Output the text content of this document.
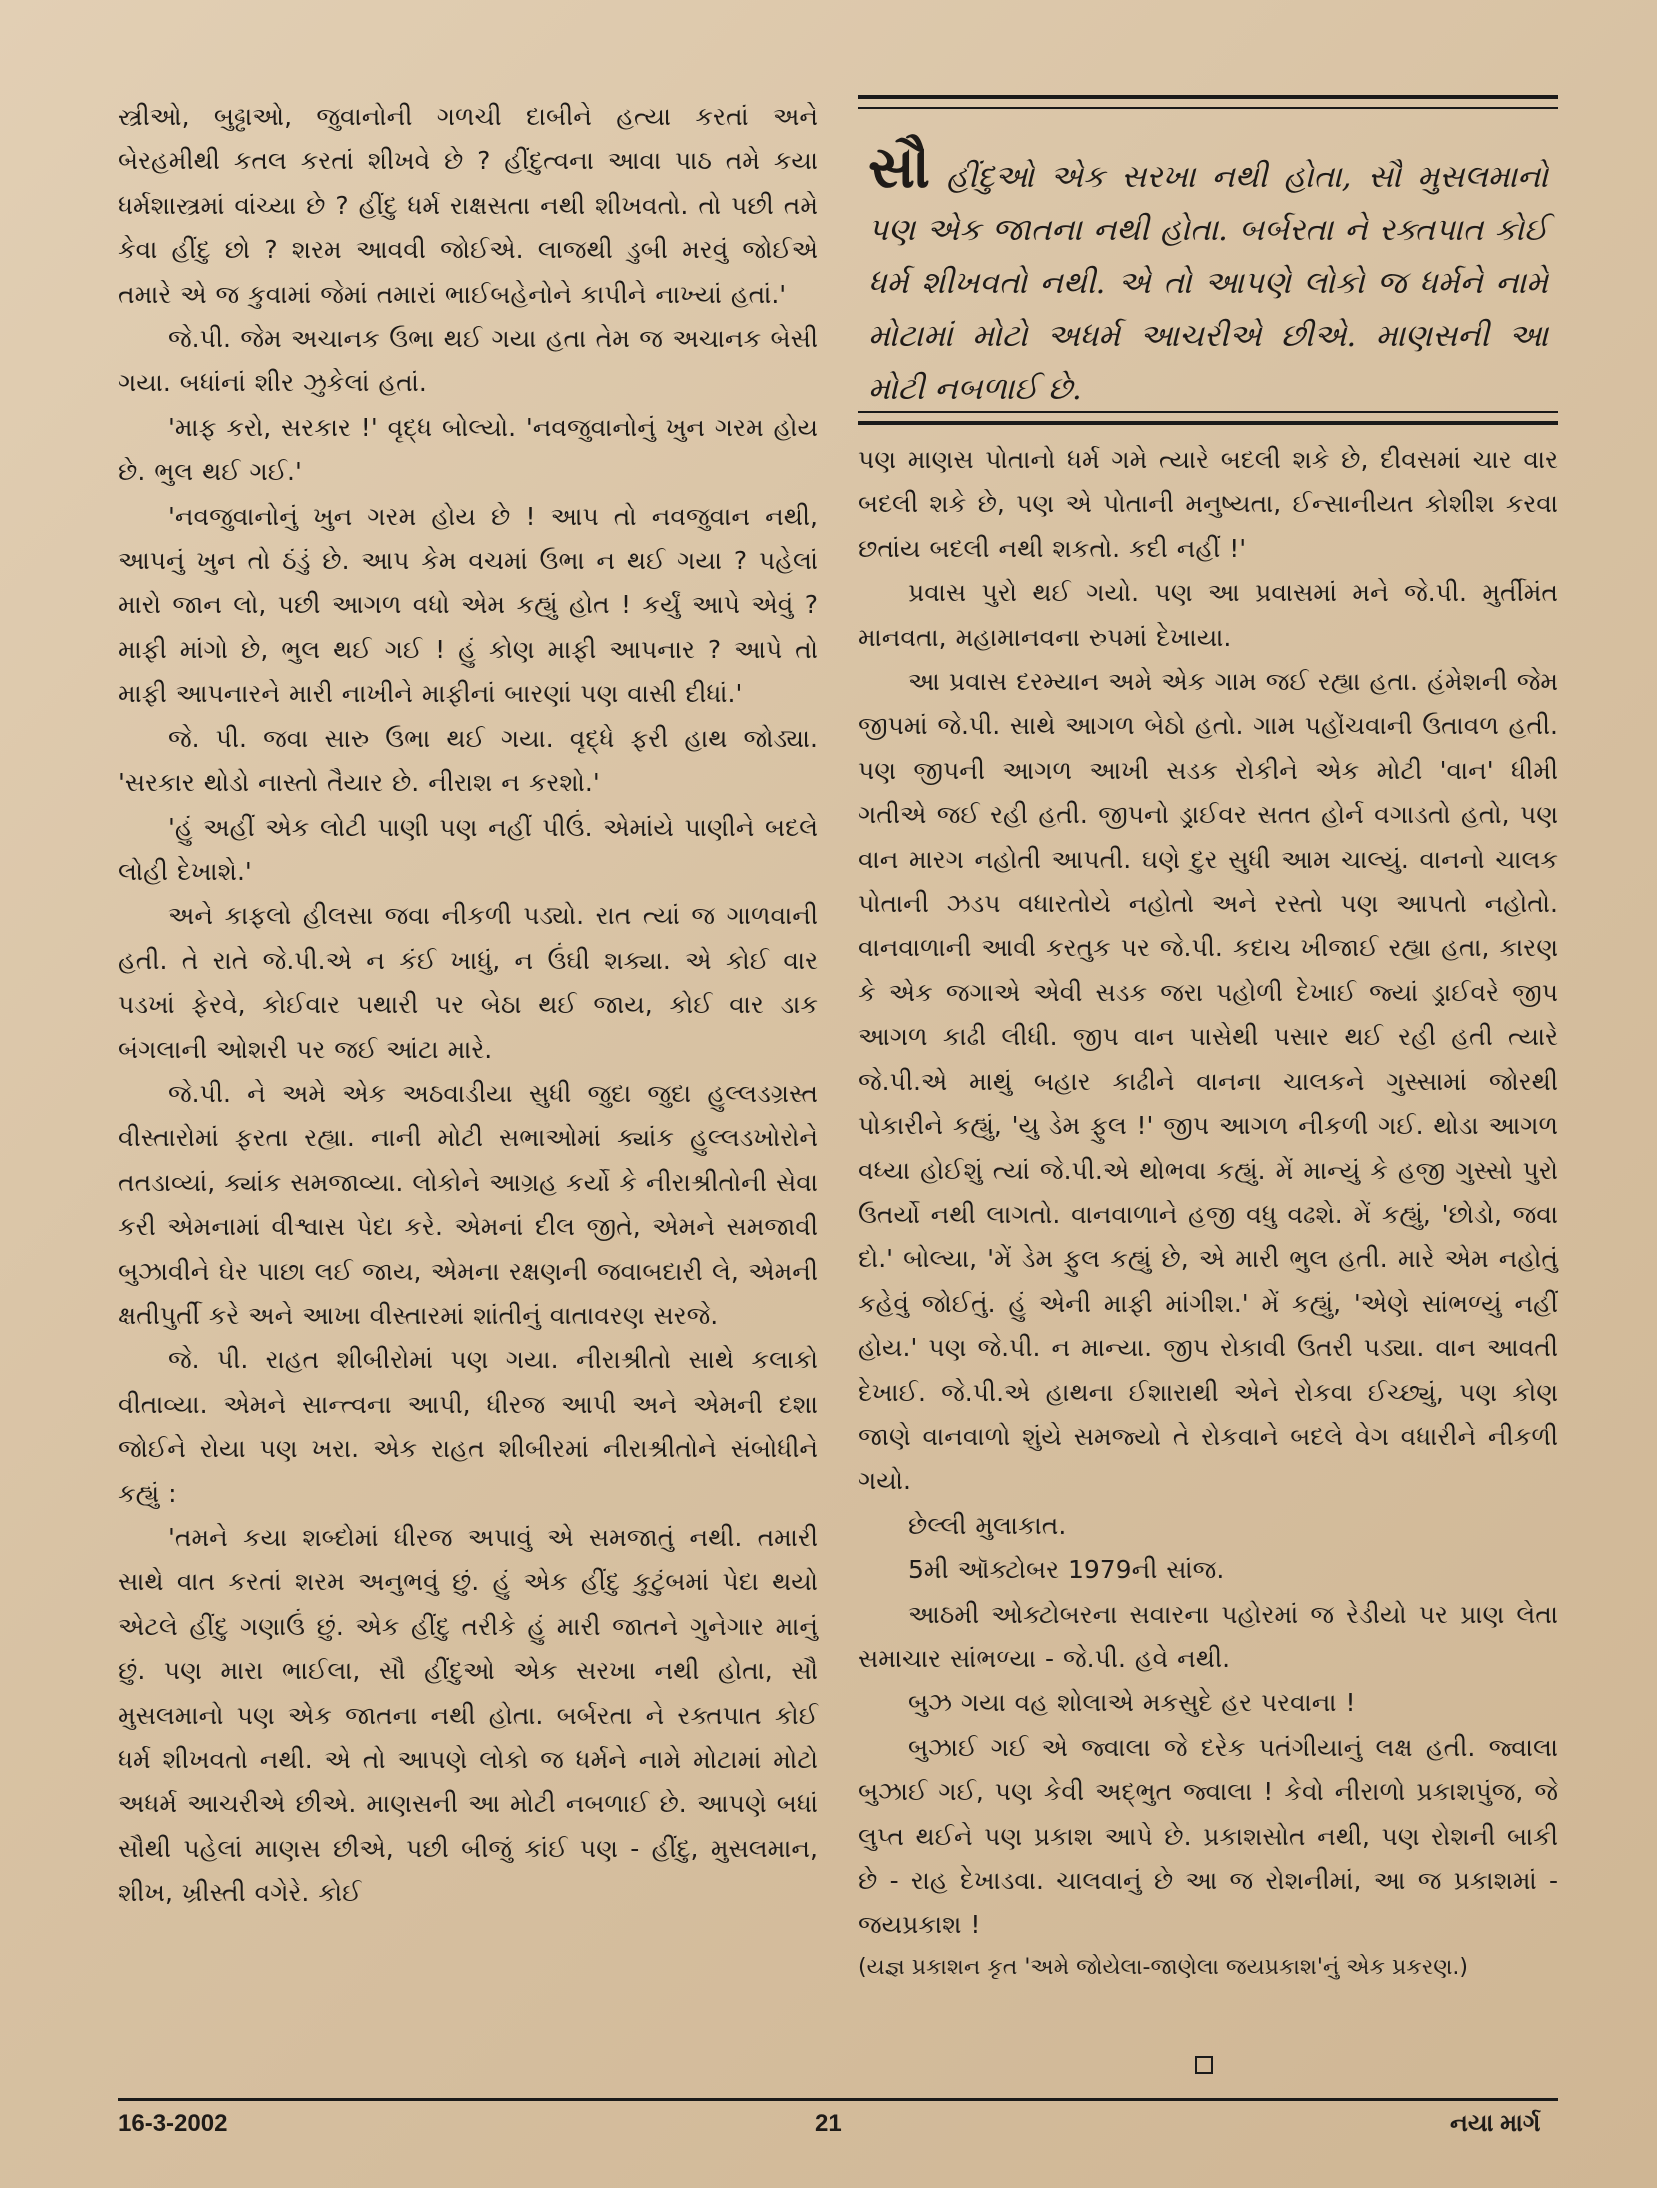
સ્ત્રીઓ, બુઢ્ઢાઓ, જુવાનોની ગળચી દાબીને હત્યા કરતાં અને બેરહમીથી કતલ કરતાં શીખવે છે ? હીંદુત્વના આવા પાઠ તમે કયા ધર્મશાસ્ત્રમાં વાંચ્યા છે ? હીંદુ ધર્મ રાક્ષસતા નથી શીખવતો. તો પછી તમે કેવા હીંદુ છો ? શરમ આવવી જોઈએ. લાજથી ડુબી મરવું જોઈએ તમારે એ જ કુવામાં જેમાં તમારાં ભાઈબહેનોને કાપીને નાખ્યાં હતાં.'

જે.પી. જેમ અચાનક ઉભા થઈ ગયા હતા તેમ જ અચાનક બેસી ગયા. બધાંનાં શીર ઝુકેલાં હતાં.

'માફ કરો, સરકાર !' વૃદ્ધ બોલ્યો. 'નવજુવાનોનું ખુન ગરમ હોય છે. ભુલ થઈ ગઈ.'

'નવજુવાનોનું ખુન ગરમ હોય છે ! આપ તો નવજુવાન નથી, આપનું ખુન તો ઠંડું છે. આપ કેમ વચમાં ઉભા ન થઈ ગયા ? પહેલાં મારો જાન લો, પછી આગળ વધો એમ કહ્યું હોત ! કર્યું આપે એવું ? માફી માંગો છે, ભુલ થઈ ગઈ ! હું કોણ માફી આપનાર ? આપે તો માફી આપનારને મારી નાખીને માફીનાં બારણાં પણ વાસી દીધાં.'

જે. પી. જવા સારુ ઉભા થઈ ગયા. વૃદ્ધે ફરી હાથ જોડ્યા. 'સરકાર થોડો નાસ્તો તૈયાર છે. નીરાશ ન કરશો.'

'હું અહીં એક લોટી પાણી પણ નહીં પીઉં. એમાંયે પાણીને બદલે લોહી દેખાશે.'

અને કાફલો હીલસા જવા નીકળી પડ્યો. રાત ત્યાં જ ગાળવાની હતી. તે રાતે જે.પી.એ ન કંઈ ખાધું, ન ઉંઘી શક્યા. એ કોઈ વાર પડખાં ફેરવે, કોઈવાર પથારી પર બેઠા થઈ જાય, કોઈ વાર ડાક બંગલાની ઓશરી પર જઈ આંટા મારે.

જે.પી. ને અમે એક અઠવાડીયા સુધી જુદા જુદા હુલ્લડગ્રસ્ત વીસ્તારોમાં ફરતા રહ્યા. નાની મોટી સભાઓમાં ક્યાંક હુલ્લડખોરોને તતડાવ્યાં, ક્યાંક સમજાવ્યા. લોકોને આગ્રહ કર્યો કે નીરાશ્રીતોની સેવા કરી એમનામાં વીશ્વાસ પેદા કરે. એમનાં દીલ જીતે, એમને સમજાવી બુઝાવીને ઘેર પાછા લઈ જાય, એમના રક્ષણની જવાબદારી લે, એમની ક્ષતીપુર્તી કરે અને આખા વીસ્તારમાં શાંતીનું વાતાવરણ સરજે.

જે. પી. રાહત શીબીરોમાં પણ ગયા. નીરાશ્રીતો સાથે કલાકો વીતાવ્યા. એમને સાન્ત્વના આપી, ધીરજ આપી અને એમની દશા જોઈને રોયા પણ ખરા. એક રાહત શીબીરમાં નીરાશ્રીતોને સંબોધીને કહ્યું :

'તમને કયા શબ્દોમાં ધીરજ અપાવું એ સમજાતું નથી. તમારી સાથે વાત કરતાં શરમ અનુભવું છું. હું એક હીંદુ કુટુંબમાં પેદા થયો એટલે હીંદુ ગણાઉં છું. એક હીંદુ તરીકે હું મારી જાતને ગુનેગાર માનું છું. પણ મારા ભાઈલા, સૌ હીંદુઓ એક સરખા નથી હોતા, સૌ મુસલમાનો પણ એક જાતના નથી હોતા. બર્બરતા ને રક્તપાત કોઈ ધર્મ શીખવતો નથી. એ તો આપણે લોકો જ ધર્મને નામે મોટામાં મોટો અધર્મ આચરીએ છીએ. માણસની આ મોટી નબળાઈ છે. આપણે બધાં સૌથી પહેલાં માણસ છીએ, પછી બીજું કાંઈ પણ - હીંદુ, મુસલમાન, શીખ, ખ્રીસ્તી વગેરે. કોઈ

સૌ હીંદુઓ એક સરખા નથી હોતા, સૌ મુસલમાનો પણ એક જાતના નથી હોતા. બર્બરતા ને રક્તપાત કોઈ ધર્મ શીખવતો નથી. એ તો આપણે લોકો જ ધર્મને નામે મોટામાં મોટો અધર્મ આચરીએ છીએ. માણસની આ મોટી નબળાઈ છે.

પણ માણસ પોતાનો ધર્મ ગમે ત્યારે બદલી શકે છે, દીવસમાં ચાર વાર બદલી શકે છે, પણ એ પોતાની મનુષ્યતા, ઈન્સાનીયત કોશીશ કરવા છતાંય બદલી નથી શકતો. કદી નહીં !'

પ્રવાસ પુરો થઈ ગયો. પણ આ પ્રવાસમાં મને જે.પી. મુર્તીમંત માનવતા, મહામાનવના રુપમાં દેખાયા.

આ પ્રવાસ દરમ્યાન અમે એક ગામ જઈ રહ્યા હતા. હંમેશની જેમ જીપમાં જે.પી. સાથે આગળ બેઠો હતો. ગામ પહોંચવાની ઉતાવળ હતી. પણ જીપની આગળ આખી સડક રોકીને એક મોટી 'વાન' ધીમી ગતીએ જઈ રહી હતી. જીપનો ડ્રાઈવર સતત હોર્ન વગાડતો હતો, પણ વાન મારગ નહોતી આપતી. ઘણે દુર સુધી આમ ચાલ્યું. વાનનો ચાલક પોતાની ઝડપ વધારતોયે નહોતો અને રસ્તો પણ આપતો નહોતો. વાનવાળાની આવી કરતુક પર જે.પી. કદાચ ખીજાઈ રહ્યા હતા, કારણ કે એક જગાએ એવી સડક જરા પહોળી દેખાઈ જ્યાં ડ્રાઈવરે જીપ આગળ કાઢી લીધી. જીપ વાન પાસેથી પસાર થઈ રહી હતી ત્યારે જે.પી.એ માથું બહાર કાઢીને વાનના ચાલકને ગુસ્સામાં જોરથી પોકારીને કહ્યું, 'યુ ડેમ ફુલ !' જીપ આગળ નીકળી ગઈ. થોડા આગળ વધ્યા હોઈશું ત્યાં જે.પી.એ થોભવા કહ્યું. મેં માન્યું કે હજી ગુસ્સો પુરો ઉતર્યો નથી લાગતો. વાનવાળાને હજી વધુ વઢશે. મેં કહ્યું, 'છોડો, જવા દો.' બોલ્યા, 'મેં ડેમ ફુલ કહ્યું છે, એ મારી ભુલ હતી. મારે એમ નહોતું કહેવું જોઈતું. હું એની માફી માંગીશ.' મેં કહ્યું, 'એણે સાંભળ્યું નહીં હોય.' પણ જે.પી. ન માન્યા. જીપ રોકાવી ઉતરી પડ્યા. વાન આવતી દેખાઈ. જે.પી.એ હાથના ઈશારાથી એને રોકવા ઈચ્છ્યું, પણ કોણ જાણે વાનવાળો શુંયે સમજ્યો તે રોકવાને બદલે વેગ વધારીને નીકળી ગયો.

છેલ્લી મુલાકાત.

5મી ઑક્ટોબર 1979ની સાંજ.

આઠમી ઓક્ટોબરના સવારના પહોરમાં જ રેડીયો પર પ્રાણ લેતા સમાચાર સાંભળ્યા - જે.પી. હવે નથી.

બુઝ ગયા વહ શોલાએ મકસુદે હર પરવાના !

બુઝાઈ ગઈ એ જ્વાલા જે દરેક પતંગીયાનું લક્ષ હતી. જ્વાલા બુઝાઈ ગઈ, પણ કેવી અદ્ભુત જ્વાલા ! કેવો નીરાળો પ્રકાશપુંજ, જે લુપ્ત થઈને પણ પ્રકાશ આપે છે. પ્રકાશસોત નથી, પણ રોશની બાકી છે - રાહ દેખાડવા. ચાલવાનું છે આ જ રોશનીમાં, આ જ પ્રકાશમાં - જયપ્રકાશ !

(યજ્ઞ પ્રકાશન કૃત 'અમે જોયેલા-જાણેલા જયપ્રકાશ'નું એક પ્રકરણ.)

16-3-2002	21	નયા માર્ગ
